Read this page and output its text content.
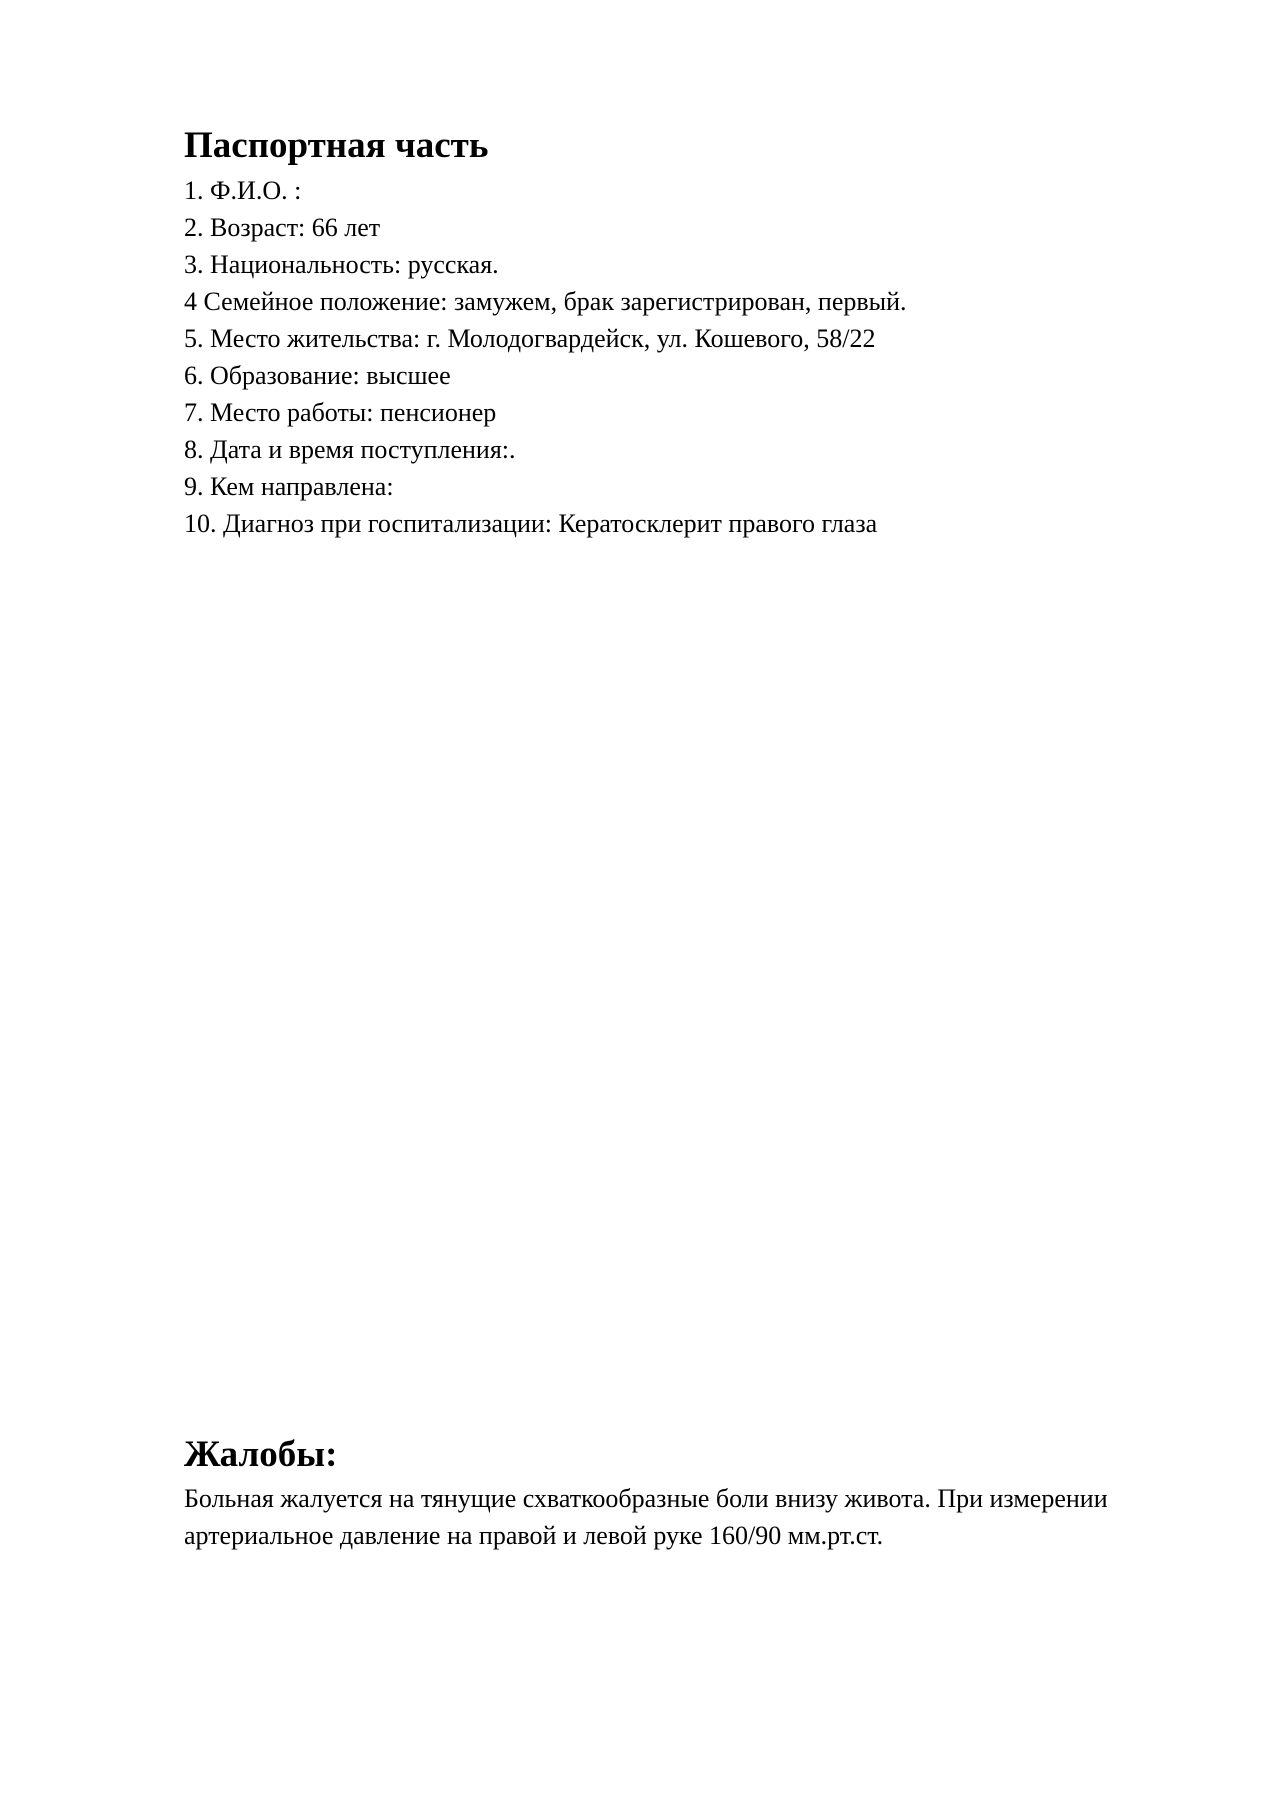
Паспортная часть
1. Ф.И.О. :
2. Возраст: 66 лет
3. Национальность: русская.
4 Семейное положение: замужем, брак зарегистрирован, первый.
5. Место жительства: г. Молодогвардейск, ул. Кошевого, 58/22
6. Образование: высшее
7. Место работы: пенсионер
8. Дата и время поступления:.
9. Кем направлена:
10. Диагноз при госпитализации: Кератосклерит правого глаза
Жалобы:

Больная жалуется на тянущие схваткообразные боли внизу живота. При измерении артериальное давление на правой и левой руке 160/90 мм.рт.ст.
